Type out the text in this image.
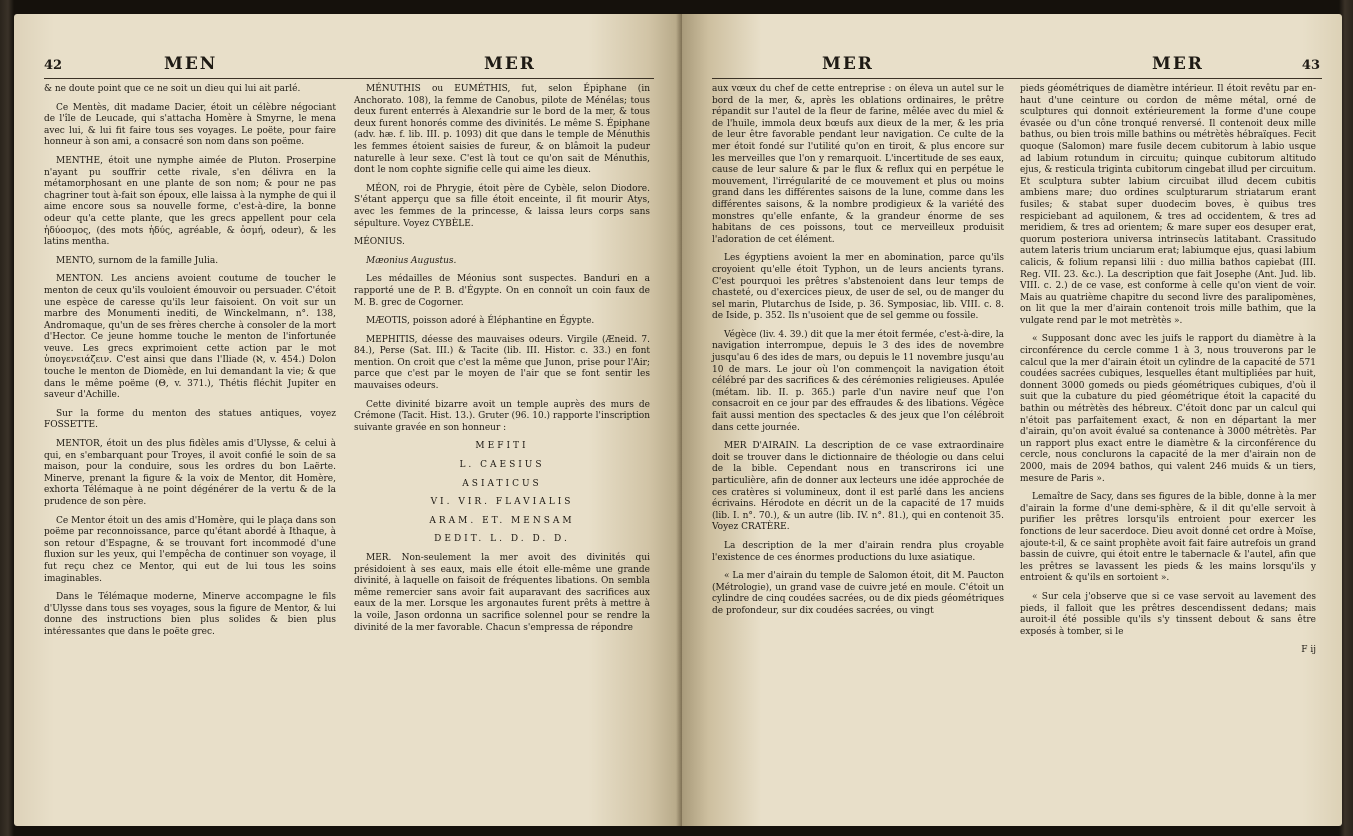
42	MEN	MER

& ne doute point que ce ne soit un dieu qui lui ait parlé.

Ce Mentès, dit madame Dacier, étoit un célèbre négociant de l'île de Leucade, qui s'attacha Homère à Smyrne, le mena avec lui, & lui fit faire tous ses voyages. Le poëte, pour faire honneur à son ami, a consacré son nom dans son poëme.

MENTHE, étoit une nymphe aimée de Pluton. Proserpine n'ayant pu souffrir cette rivale, s'en délivra en la métamorphosant en une plante de son nom; & pour ne pas chagriner tout à-fait son époux, elle laissa à la nymphe de qui il aime encore sous sa nouvelle forme, c'est-à-dire, la bonne odeur qu'a cette plante, que les grecs appellent pour cela ἡδύοσμος, (des mots ἡδύς, agréable, & ὀσμή, odeur), & les latins mentha.

MENTO, surnom de la famille Julia.

MENTON. Les anciens avoient coutume de toucher le menton de ceux qu'ils vouloient émouvoir ou persuader. C'étoit une espèce de caresse qu'ils leur faisoient. On voit sur un marbre des Monumenti inediti, de Winckelmann, n°. 138, Andromaque, qu'un de ses frères cherche à consoler de la mort d'Hector. Ce jeune homme touche le menton de l'infortunée veuve. Les grecs exprimoient cette action par le mot ὑπογενειάζειν. C'est ainsi que dans l'Iliade (ℵ, v. 454.) Dolon touche le menton de Diomède, en lui demandant la vie; & que dans le même poëme (Θ, v. 371.), Thétis fléchit Jupiter en saveur d'Achille.

Sur la forme du menton des statues antiques, voyez FOSSETTE.

MENTOR, étoit un des plus fidèles amis d'Ulysse, & celui à qui, en s'embarquant pour Troyes, il avoit confié le soin de sa maison, pour la conduire, sous les ordres du bon Laërte. Minerve, prenant la figure & la voix de Mentor, dit Homère, exhorta Télémaque à ne point dégénérer de la vertu & de la prudence de son père.

Ce Mentor étoit un des amis d'Homère, qui le plaça dans son poëme par reconnoissance, parce qu'étant abordé à Ithaque, à son retour d'Espagne, & se trouvant fort incommodé d'une fluxion sur les yeux, qui l'empêcha de continuer son voyage, il fut reçu chez ce Mentor, qui eut de lui tous les soins imaginables.

Dans le Télémaque moderne, Minerve accompagne le fils d'Ulysse dans tous ses voyages, sous la figure de Mentor, & lui donne des instructions bien plus solides & bien plus intéressantes que dans le poëte grec.

MÉNUTHIS ou EUMÉTHIS, fut, selon Épiphane (in Anchorato. 108), la femme de Canobus, pilote de Ménélas; tous deux furent enterrés à Alexandrie sur le bord de la mer, & tous deux furent honorés comme des divinités. Le même S. Épiphane (adv. hæ. f. lib. III. p. 1093) dit que dans le temple de Ménuthis les femmes étoient saisies de fureur, & on blâmoit la pudeur naturelle à leur sexe. C'est là tout ce qu'on sait de Ménuthis, dont le nom cophte signifie celle qui aime les dieux.

MÉON, roi de Phrygie, étoit père de Cybèle, selon Diodore. S'étant apperçu que sa fille étoit enceinte, il fit mourir Atys, avec les femmes de la princesse, & laissa leurs corps sans sépulture. Voyez CYBÈLE.

MÉONIUS.

Mæonius Augustus.

Les médailles de Méonius sont suspectes. Banduri en a rapporté une de P. B. d'Égypte. On en connoît un coin faux de M. B. grec de Cogorner.

MÆOTIS, poisson adoré à Éléphantine en Égypte.

MEPHITIS, déesse des mauvaises odeurs. Virgile (Æneid. 7. 84.), Perse (Sat. III.) & Tacite (lib. III. Histor. c. 33.) en font mention. On croit que c'est la même que Junon, prise pour l'Air; parce que c'est par le moyen de l'air que se font sentir les mauvaises odeurs.

Cette divinité bizarre avoit un temple auprès des murs de Crémone (Tacit. Hist. 13.). Gruter (96. 10.) rapporte l'inscription suivante gravée en son honneur :

MEFITI
L. CAESIUS
ASIATICUS
VI. VIR. FLAVIALIS
ARAM. ET. MENSAM
DEDIT. L. D. D. D.

MER. Non-seulement la mer avoit des divinités qui présidoient à ses eaux, mais elle étoit elle-même une grande divinité, à laquelle on faisoit de fréquentes libations. On sembla même remercier sans avoir fait auparavant des sacrifices aux eaux de la mer. Lorsque les argonautes furent prêts à mettre à la voile, Jason ordonna un sacrifice solennel pour se rendre la divinité de la mer favorable. Chacun s'empressa de répondre

MER	MER	43

aux vœux du chef de cette entreprise : on éleva un autel sur le bord de la mer, &, après les oblations ordinaires, le prêtre répandit sur l'autel de la fleur de farine, mêlée avec du miel & de l'huile, immola deux bœufs aux dieux de la mer, & les pria de leur être favorable pendant leur navigation. Ce culte de la mer étoit fondé sur l'utilité qu'on en tiroit, & plus encore sur les merveilles que l'on y remarquoit. L'incertitude de ses eaux, cause de leur salure & par le flux & reflux qui en perpétue le mouvement, l'irrégularité de ce mouvement et plus ou moins grand dans les différentes saisons de la lune, comme dans les différentes saisons, & la nombre prodigieux & la variété des monstres qu'elle enfante, & la grandeur énorme de ses habitans de ces poissons, tout ce merveilleux produisit l'adoration de cet élément.

Les égyptiens avoient la mer en abomination, parce qu'ils croyoient qu'elle étoit Typhon, un de leurs ancients tyrans. C'est pourquoi les prêtres s'abstenoient dans leur temps de chasteté, ou d'exercices pieux, de user de sel, ou de manger du sel marin, Plutarchus de Iside, p. 36. Symposiac, lib. VIII. c. 8. de Iside, p. 352. Ils n'usoient que de sel gemme ou fossile.

Végèce (liv. 4. 39.) dit que la mer étoit fermée, c'est-à-dire, la navigation interrompue, depuis le 3 des ides de novembre jusqu'au 6 des ides de mars, ou depuis le 11 novembre jusqu'au 10 de mars. Le jour où l'on commençoit la navigation étoit célébré par des sacrifices & des cérémonies religieuses. Apulée (métam. lib. II. p. 365.) parle d'un navire neuf que l'on consacroit en ce jour par des effraudes & des libations. Végèce fait aussi mention des spectacles & des jeux que l'on célébroit dans cette journée.

MER D'AIRAIN. La description de ce vase extraordinaire doit se trouver dans le dictionnaire de théologie ou dans celui de la bible. Cependant nous en transcrirons ici une particulière, afin de donner aux lecteurs une idée approchée de ces cratères si volumineux, dont il est parlé dans les anciens écrivains. Hérodote en décrit un de la capacité de 17 muids (lib. I. n°. 70.), & un autre (lib. IV. n°. 81.), qui en contenoit 35. Voyez CRATÈRE.

La description de la mer d'airain rendra plus croyable l'existence de ces énormes productions du luxe asiatique.

« La mer d'airain du temple de Salomon étoit, dit M. Paucton (Métrologie), un grand vase de cuivre jeté en moule. C'étoit un cylindre de cinq coudées sacrées, ou de dix pieds géométriques de profondeur, sur dix coudées sacrées, ou vingt

pieds géométriques de diamètre intérieur. Il étoit revêtu par en-haut d'une ceinture ou cordon de même métal, orné de sculptures qui donnoit extérieurement la forme d'une coupe évasée ou d'un cône tronqué renversé. Il contenoit deux mille bathus, ou bien trois mille bathins ou métrètès hébraïques. Fecit quoque (Salomon) mare fusile decem cubitorum à labio usque ad labium rotundum in circuitu; quinque cubitorum altitudo ejus, & resticula triginta cubitorum cingebat illud per circuitum. Et sculptura subter labium circuibat illud decem cubitis ambiens mare; duo ordines sculpturarum striatarum erant fusiles; & stabat super duodecim boves, è quibus tres respiciebant ad aquilonem, & tres ad occidentem, & tres ad meridiem, & tres ad orientem; & mare super eos desuper erat, quorum posteriora universa intrinsecùs latitabant. Crassitudo autem lateris trium unciarum erat; labiumque ejus, quasi labium calicis, & folium repansi lilii : duo millia bathos capiebat (III. Reg. VII. 23. &c.). La description que fait Josephe (Ant. Jud. lib. VIII. c. 2.) de ce vase, est conforme à celle qu'on vient de voir. Mais au quatrième chapitre du second livre des paralipomènes, on lit que la mer d'airain contenoit trois mille bathim, que la vulgate rend par le mot metrètès ».

« Supposant donc avec les juifs le rapport du diamètre à la circonférence du cercle comme 1 à 3, nous trouverons par le calcul que la mer d'airain étoit un cylindre de la capacité de 571 coudées sacrées cubiques, lesquelles étant multipliées par huit, donnent 3000 gomeds ou pieds géométriques cubiques, d'où il suit que la cubature du pied géométrique étoit la capacité du bathin ou métrètès des hébreux. C'étoit donc par un calcul qui n'étoit pas parfaitement exact, & non en départant la mer d'airain, qu'on avoit évalué sa contenance à 3000 métrètès. Par un rapport plus exact entre le diamètre & la circonférence du cercle, nous conclurons la capacité de la mer d'airain non de 2000, mais de 2094 bathos, qui valent 246 muids & un tiers, mesure de Paris ».

Lemaître de Sacy, dans ses figures de la bible, donne à la mer d'airain la forme d'une demi-sphère, & il dit qu'elle servoit à purifier les prêtres lorsqu'ils entroient pour exercer les fonctions de leur sacerdoce. Dieu avoit donné cet ordre à Moïse, ajoute-t-il, & ce saint prophète avoit fait faire autrefois un grand bassin de cuivre, qui étoit entre le tabernacle & l'autel, afin que les prêtres se lavassent les pieds & les mains lorsqu'ils y entroient & qu'ils en sortoient ».

« Sur cela j'observe que si ce vase servoit au lavement des pieds, il falloit que les prêtres descendissent dedans; mais auroit-il été possible qu'ils s'y tinssent debout & sans être exposés à tomber, si le

F ij
